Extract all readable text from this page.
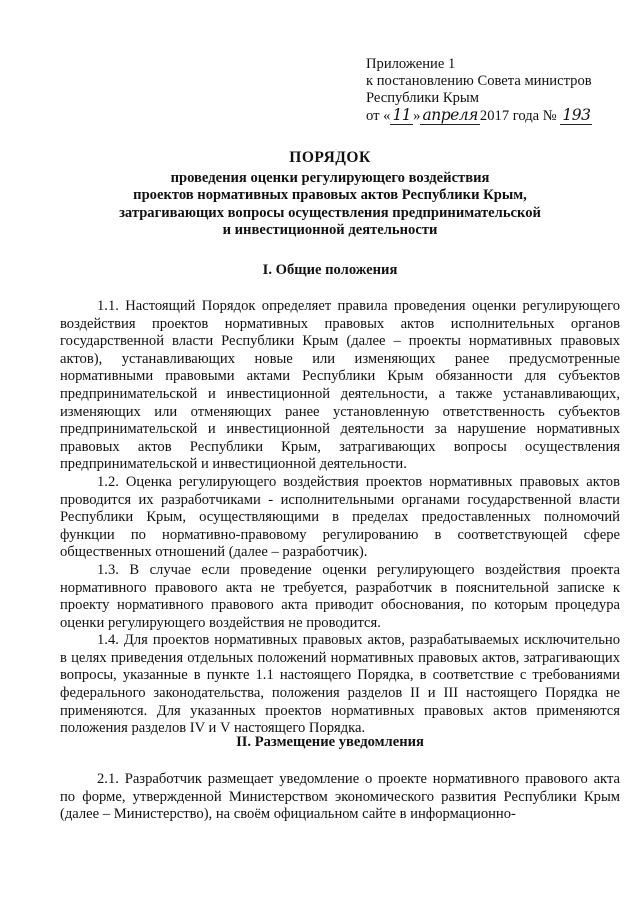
Приложение 1
к постановлению Совета министров
Республики Крым
от « 11 » апреля 2017 года № 193
ПОРЯДОК
проведения оценки регулирующего воздействия
проектов нормативных правовых актов Республики Крым,
затрагивающих вопросы осуществления предпринимательской
и инвестиционной деятельности
I. Общие положения

1.1. Настоящий Порядок определяет правила проведения оценки регулирующего воздействия проектов нормативных правовых актов исполнительных органов государственной власти Республики Крым (далее – проекты нормативных правовых актов), устанавливающих новые или изменяющих ранее предусмотренные нормативными правовыми актами Республики Крым обязанности для субъектов предпринимательской и инвестиционной деятельности, а также устанавливающих, изменяющих или отменяющих ранее установленную ответственность субъектов предпринимательской и инвестиционной деятельности за нарушение нормативных правовых актов Республики Крым, затрагивающих вопросы осуществления предпринимательской и инвестиционной деятельности.

1.2. Оценка регулирующего воздействия проектов нормативных правовых актов проводится их разработчиками - исполнительными органами государственной власти Республики Крым, осуществляющими в пределах предоставленных полномочий функции по нормативно-правовому регулированию в соответствующей сфере общественных отношений (далее – разработчик).

1.3. В случае если проведение оценки регулирующего воздействия проекта нормативного правового акта не требуется, разработчик в пояснительной записке к проекту нормативного правового акта приводит обоснования, по которым процедура оценки регулирующего воздействия не проводится.

1.4. Для проектов нормативных правовых актов, разрабатываемых исключительно в целях приведения отдельных положений нормативных правовых актов, затрагивающих вопросы, указанные в пункте 1.1 настоящего Порядка, в соответствие с требованиями федерального законодательства, положения разделов II и III настоящего Порядка не применяются. Для указанных проектов нормативных правовых актов применяются положения разделов IV и V настоящего Порядка.

II. Размещение уведомления

2.1. Разработчик размещает уведомление о проекте нормативного правового акта по форме, утвержденной Министерством экономического развития Республики Крым (далее – Министерство), на своём официальном сайте в информационно-
